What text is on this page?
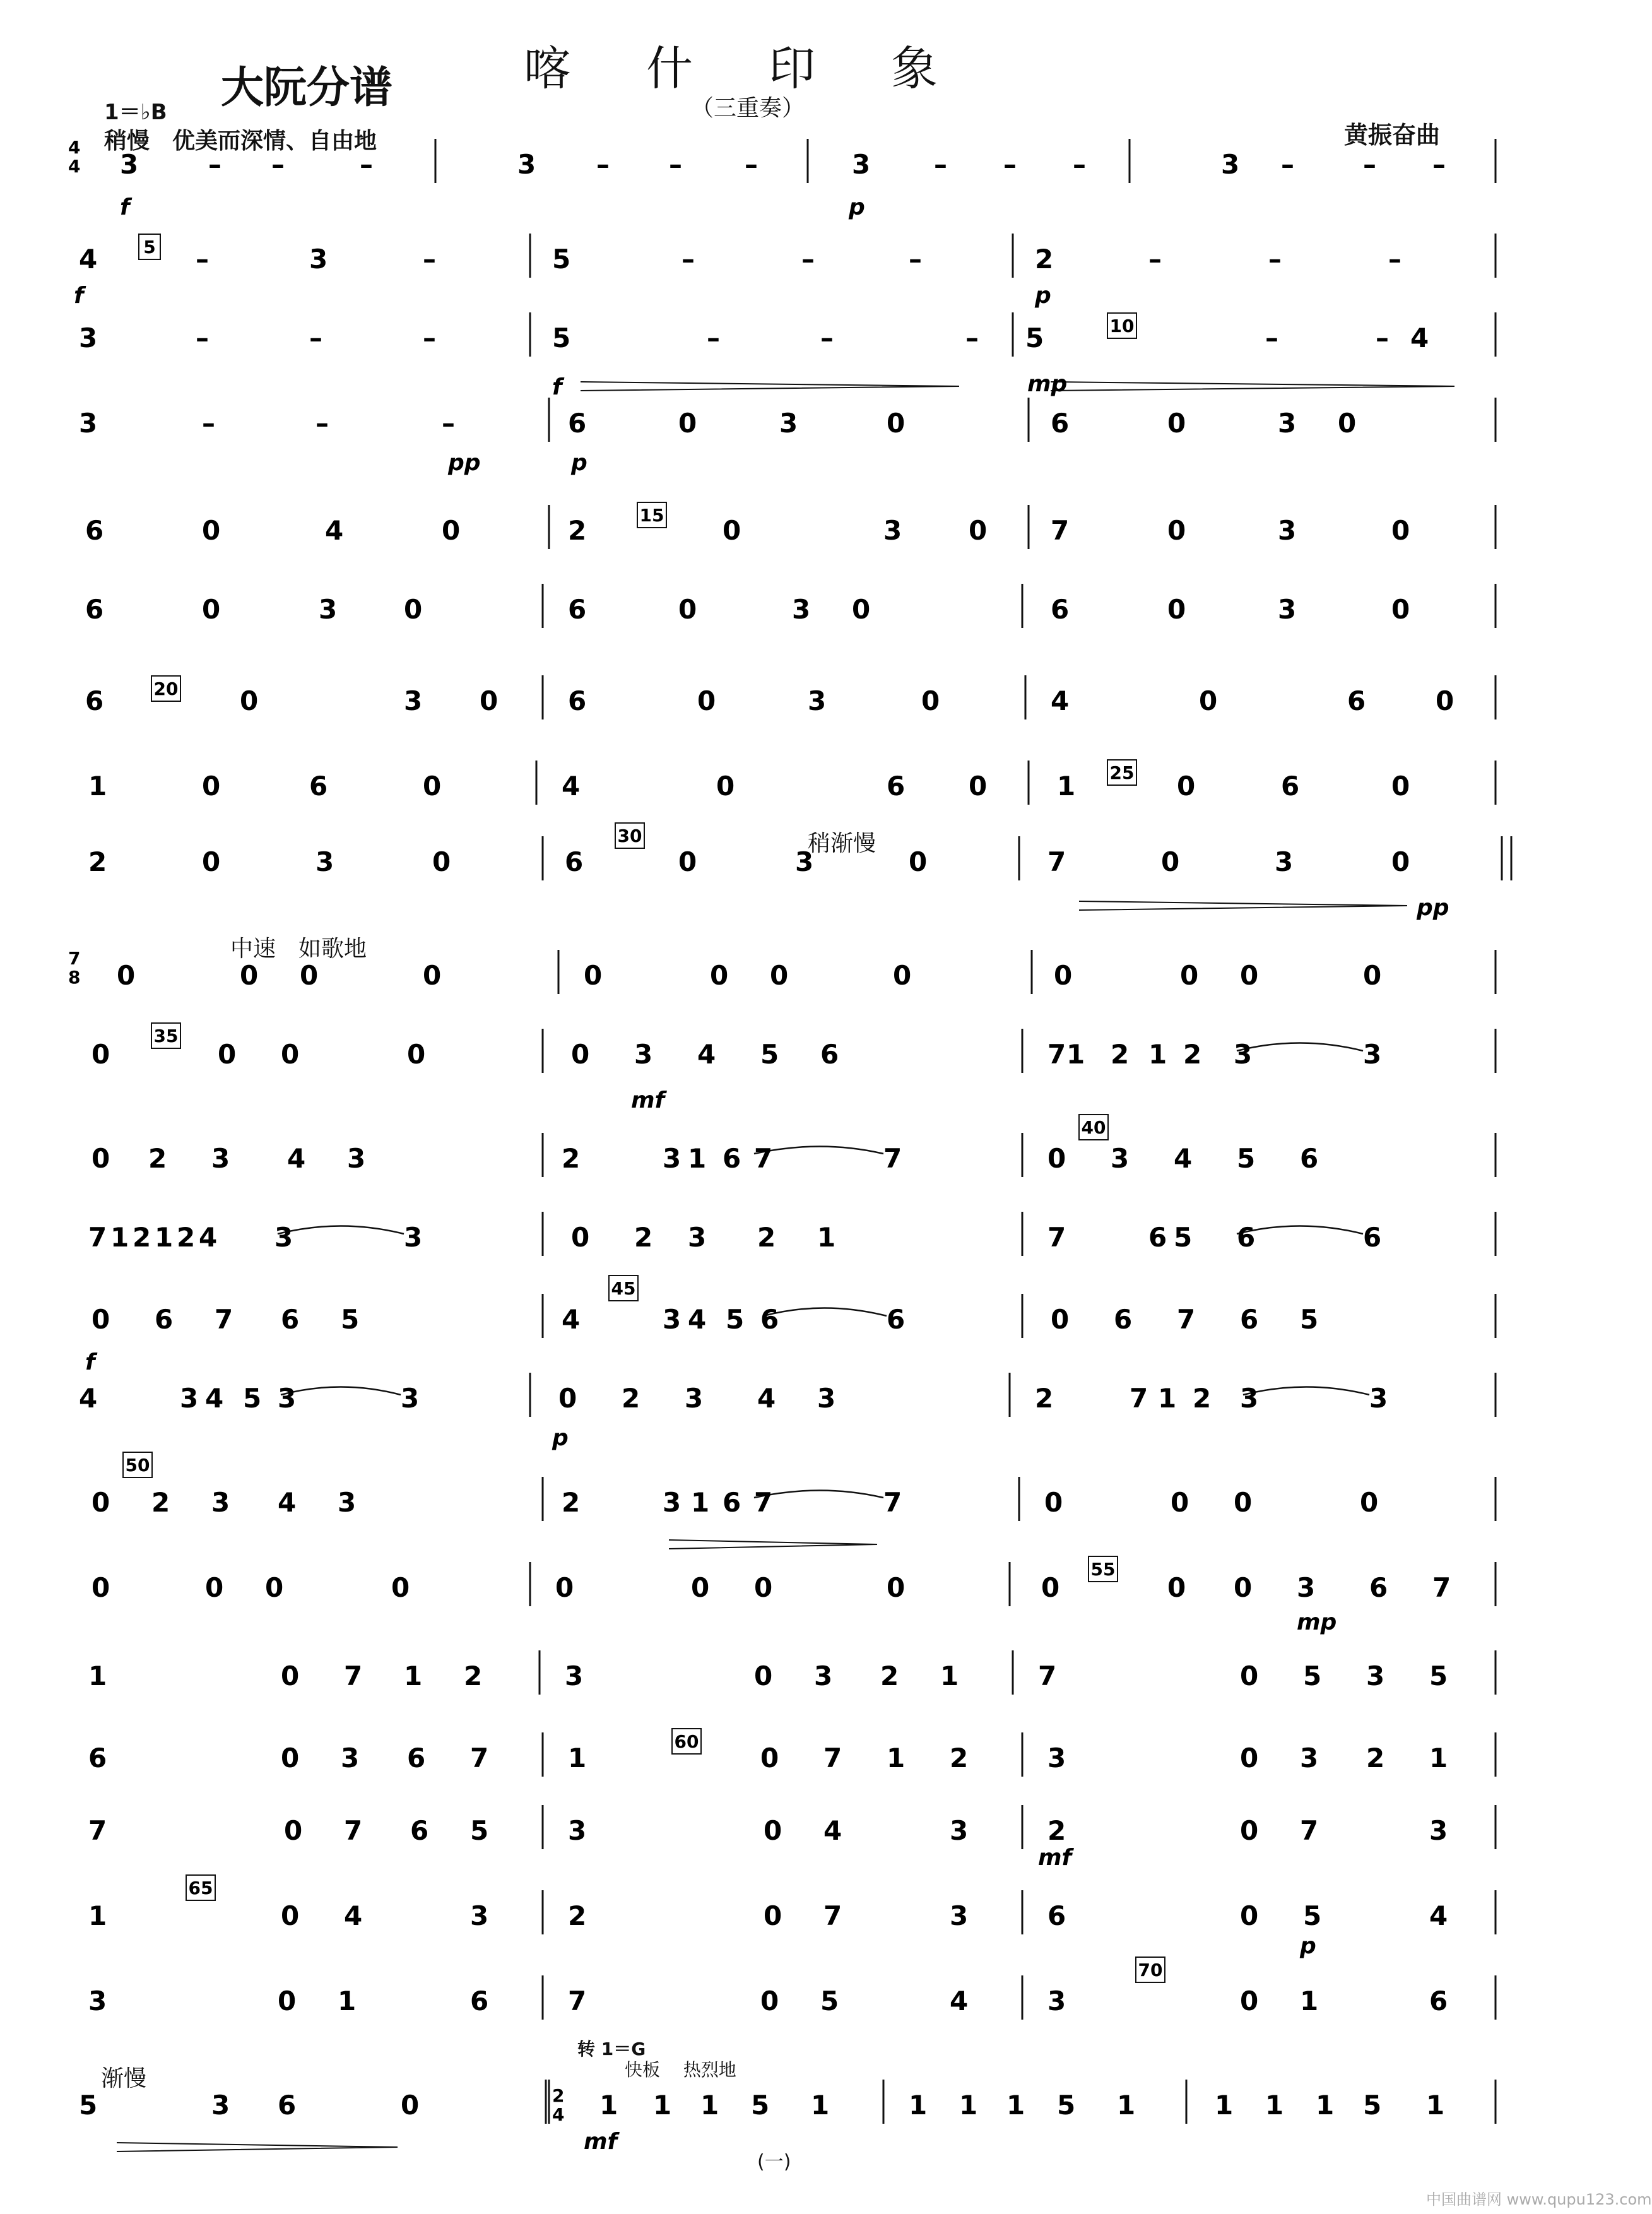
大阮分谱	喀什印象
（三重奏）
1＝♭B
稍慢　优美而深情、自由地	黄振奋曲
稍渐慢
中速　如歌地
渐慢
转 1＝G
快板　 热烈地
(一)
中国曲谱网 www.qupu123.com
4
4 3	– –	–	3 – – –	3 – – –	3 –	– –
4	–	3	–	5	–	–	–	2	–	–	–
3	–	–	–	5	–	–	– 5	–	– 4
3	–	–	–	6	0	3	0	6	0	3 0
6	0	4	0	2	0	3	0 7	0	3	0
6	0	3	0	6	0	3 0	6	0	3	0
6	0	3 0	6	0	3	0	4	0	6	0
1	0	6	0	4	0	6 0	1	0	6	0
2	0	3	0	6	0	3	0	7	0	3	0
7
8 0	0 0	0	0	0 0	0	0	0 0	0
0	0 0	0	0 3 4 5 6	7 1 2 1 2 3	3
0 2 3 4 3	2	3 1 6 7	7	0 3 4 5 6
7 1 2 1 2 4 3	3	0 2 3 2 1	7	6 5 6	6
0 6 7 6 5	4	3 4 5 6	6	0 6 7 6 5
4	3 4 5 3	3	0 2 3 4 3	2	7 1 2 3	3
0 2 3 4 3	2	3 1 6 7	7	0	0 0	0
0	0 0	0	0	0 0	0	0	0 0 3 6 7
1	0 7 1 2	3	0 3 2 1	7	0 5 3 5
6	0 3 6 7	1	0 7 1 2	3	0 3 2 1
7	0 7 6 5	3	0 4	3	2	0 7	3
1	0 4	3	2	0 7	3	6	0 5	4
3	0 1	6	7	0 5	4	3	0 1	6
5	3 6	0	1 1 1 5 1	1 1 1 5 1	1 1 1 5 1
5
10
15
20
25
30
35
40
45
50
55
60
65
70
f	p
f	p
f	mp
pp	p
pp
mf
f
p
mp
mf
p
mf
2
4
